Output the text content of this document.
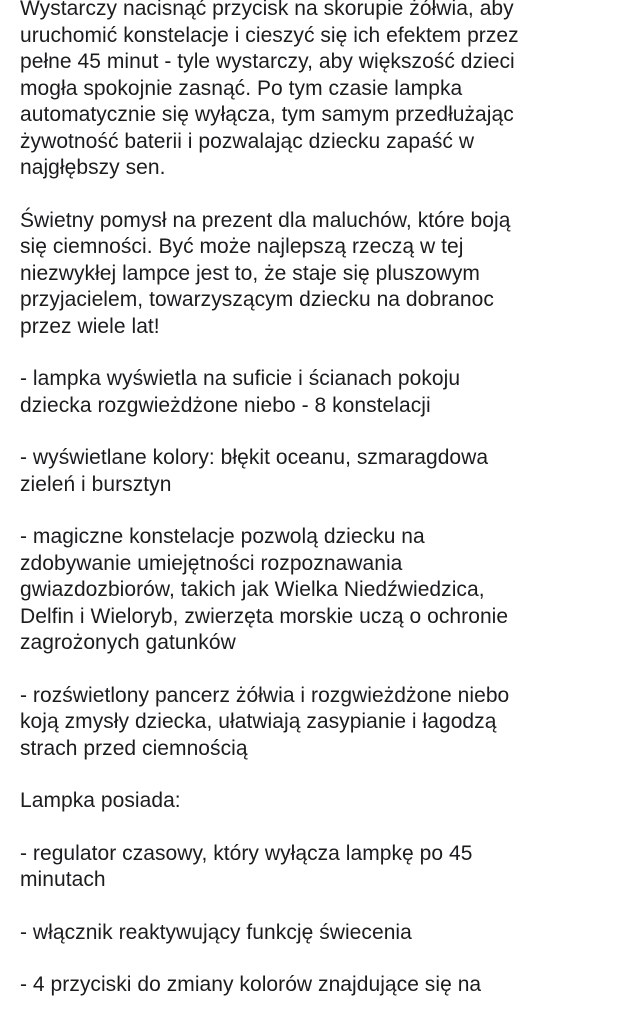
Wystarczy nacisnąć przycisk na skorupie żółwia, aby
uruchomić konstelacje i cieszyć się ich efektem przez
pełne 45 minut - tyle wystarczy, aby większość dzieci
mogła spokojnie zasnąć. Po tym czasie lampka
automatycznie się wyłącza, tym samym przedłużając
żywotność baterii i pozwalając dziecku zapaść w
najgłębszy sen.

Świetny pomysł na prezent dla maluchów, które boją
się ciemności. Być może najlepszą rzeczą w tej
niezwykłej lampce jest to, że staje się pluszowym
przyjacielem, towarzyszącym dziecku na dobranoc
przez wiele lat!

- lampka wyświetla na suficie i ścianach pokoju
dziecka rozgwieżdżone niebo - 8 konstelacji

- wyświetlane kolory: błękit oceanu, szmaragdowa
zieleń i bursztyn

- magiczne konstelacje pozwolą dziecku na
zdobywanie umiejętności rozpoznawania
gwiazdozbiorów, takich jak Wielka Niedźwiedzica,
Delfin i Wieloryb, zwierzęta morskie uczą o ochronie
zagrożonych gatunków

- rozświetlony pancerz żółwia i rozgwieżdżone niebo
koją zmysły dziecka, ułatwiają zasypianie i łagodzą
strach przed ciemnością

Lampka posiada:

- regulator czasowy, który wyłącza lampkę po 45
minutach

- włącznik reaktywujący funkcję świecenia

- 4 przyciski do zmiany kolorów znajdujące się na
